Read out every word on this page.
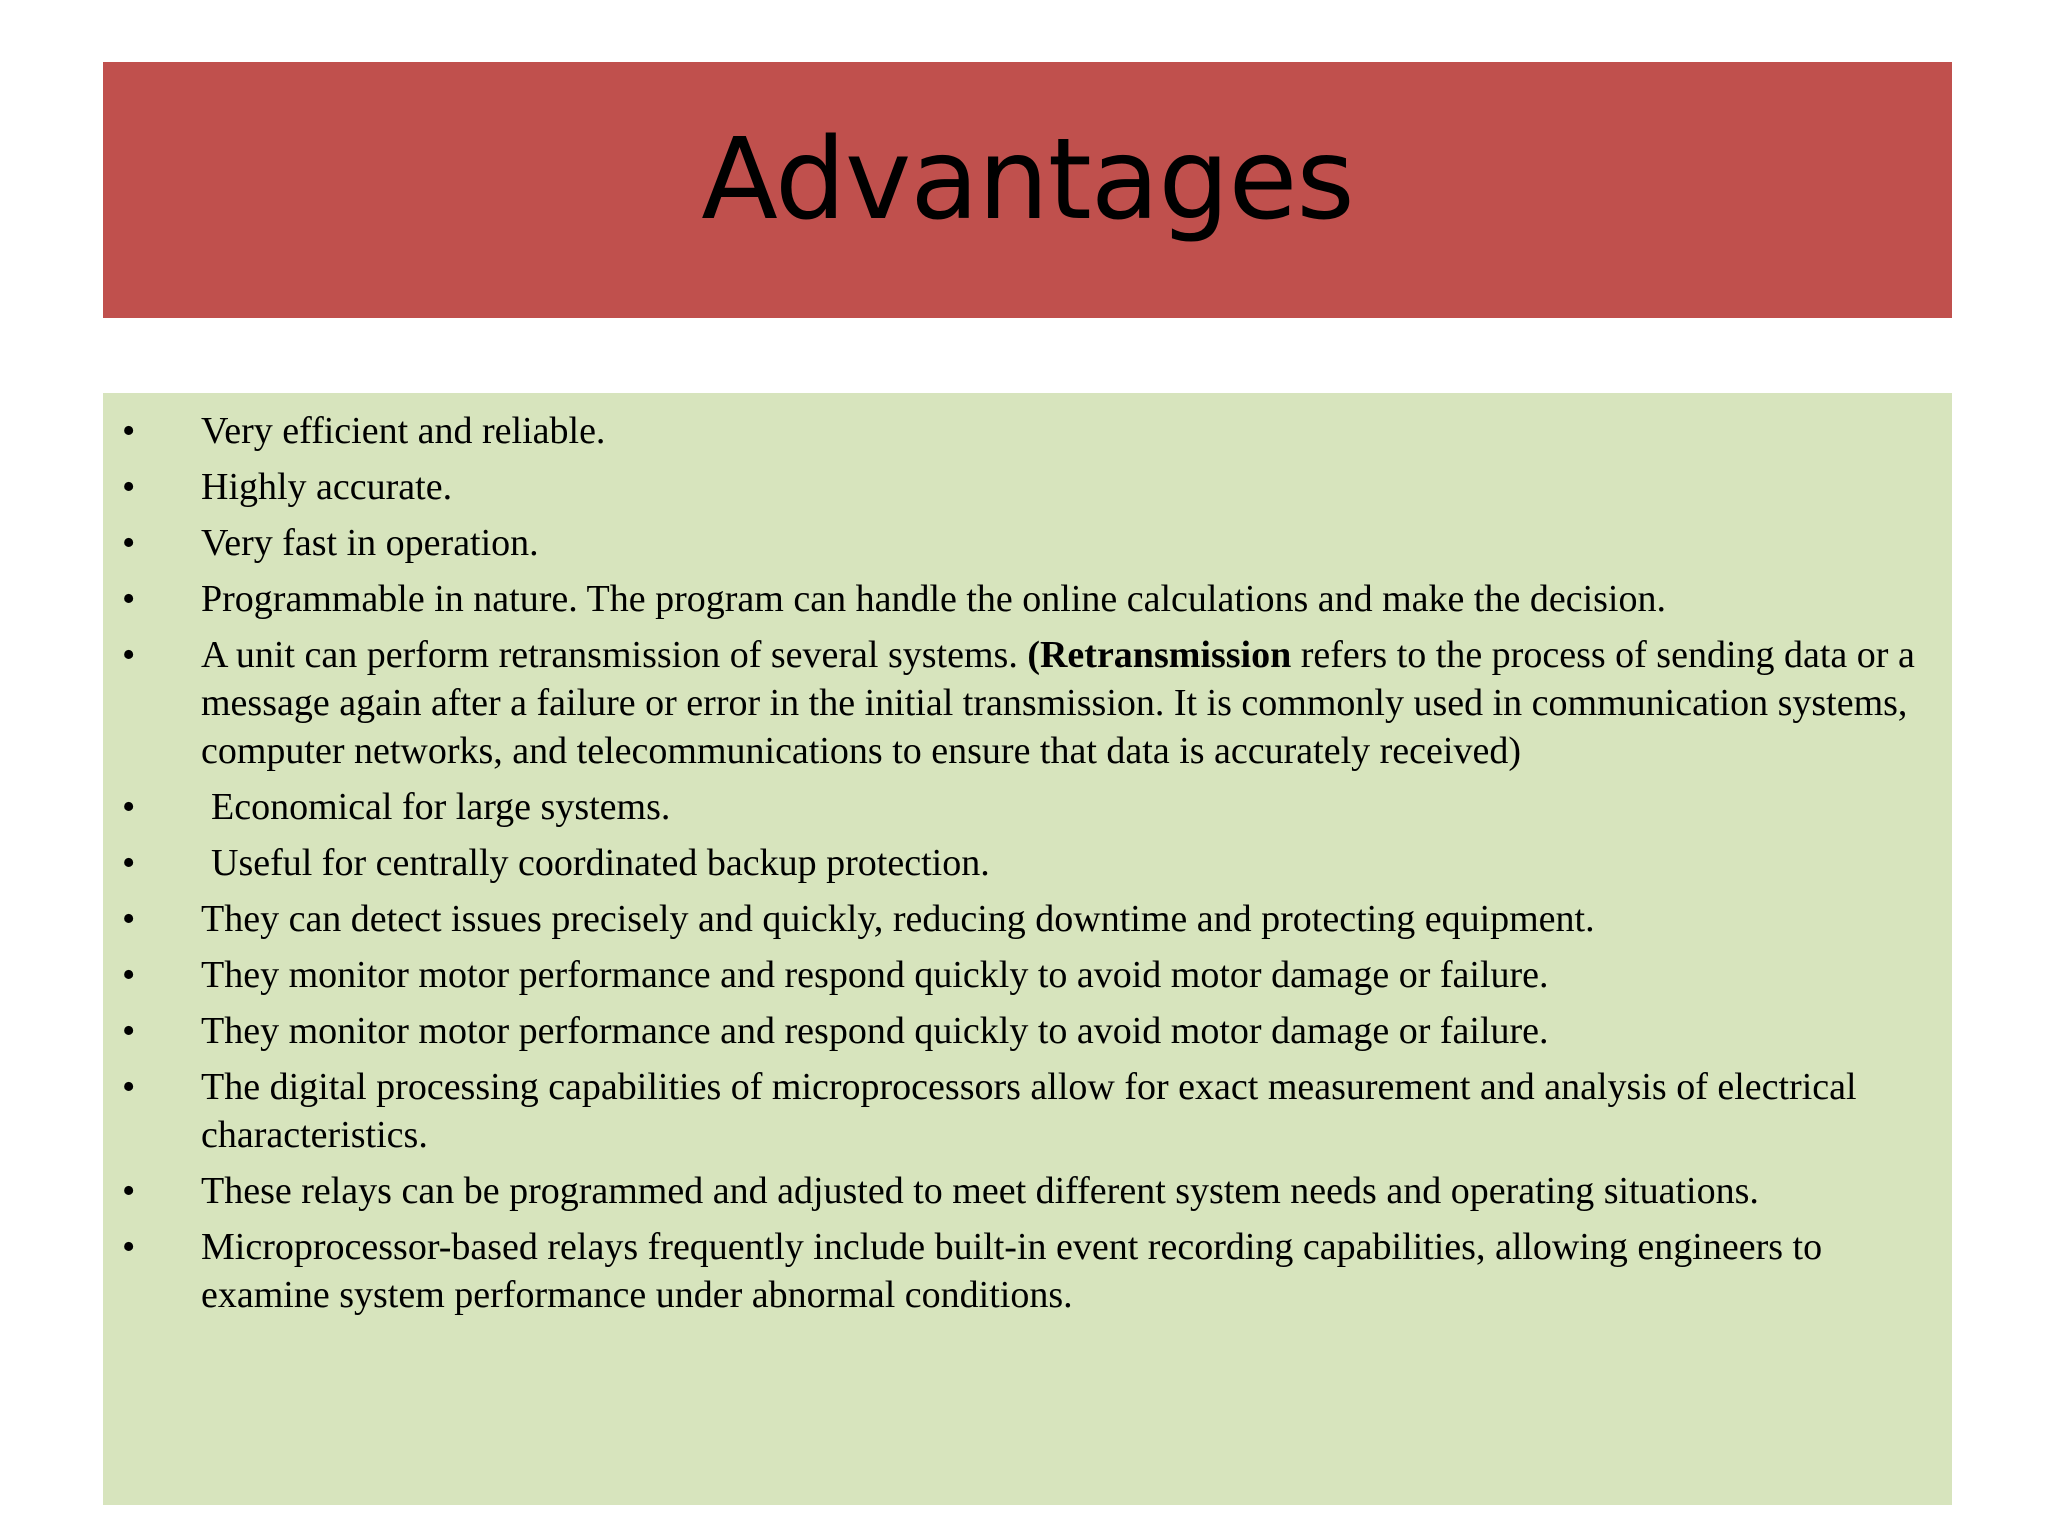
Advantages
• Very efficient and reliable.
• Highly accurate.
• Very fast in operation.
• Programmable in nature. The program can handle the online calculations and make the decision.
• A unit can perform retransmission of several systems. (Retransmission refers to the process of sending data or a message again after a failure or error in the initial transmission. It is commonly used in communication systems, computer networks, and telecommunications to ensure that data is accurately received)
• Economical for large systems.
• Useful for centrally coordinated backup protection.
• They can detect issues precisely and quickly, reducing downtime and protecting equipment.
• They monitor motor performance and respond quickly to avoid motor damage or failure.
• They monitor motor performance and respond quickly to avoid motor damage or failure.
• The digital processing capabilities of microprocessors allow for exact measurement and analysis of electrical characteristics.
• These relays can be programmed and adjusted to meet different system needs and operating situations.
• Microprocessor-based relays frequently include built-in event recording capabilities, allowing engineers to examine system performance under abnormal conditions.
